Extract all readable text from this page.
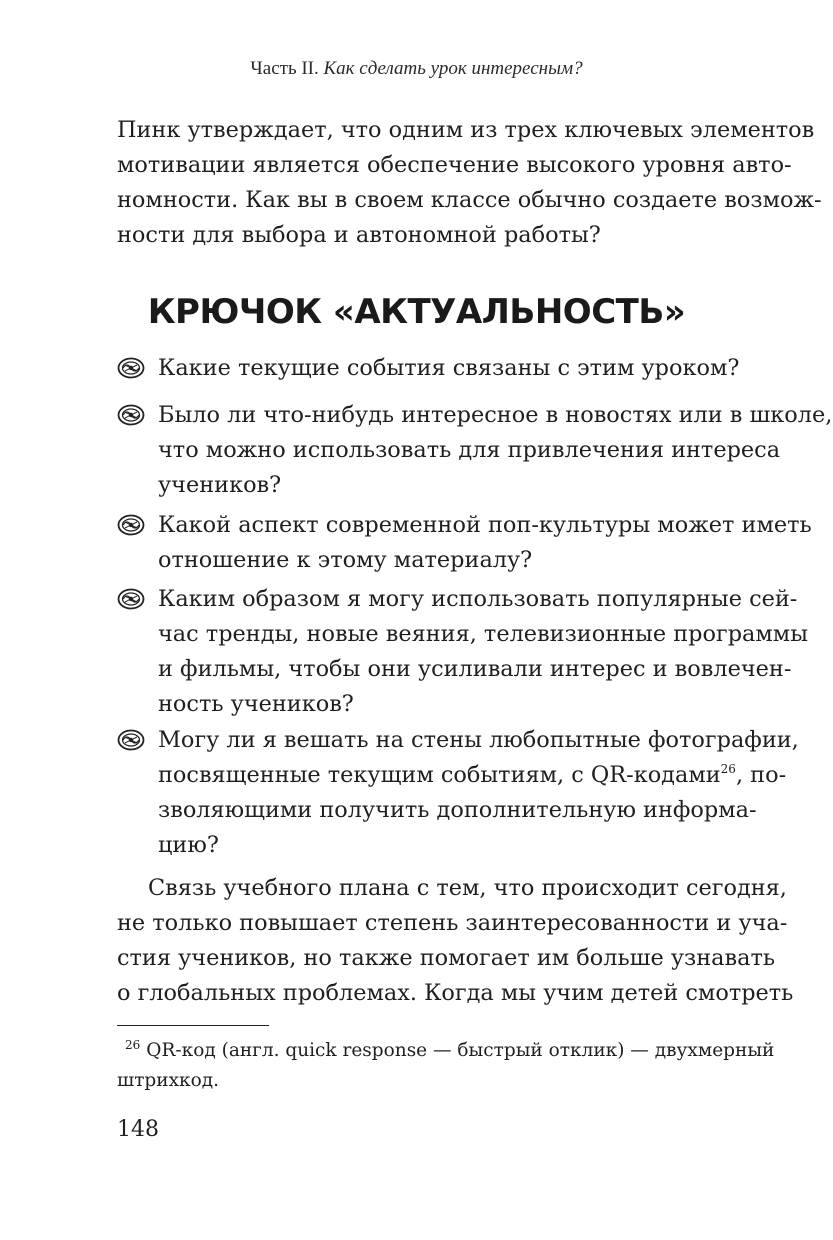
Часть II. Как сделать урок интересным?
Пинк утверждает, что одним из трех ключевых элементов
мотивации является обеспечение высокого уровня авто-
номности. Как вы в своем классе обычно создаете возмож-
ности для выбора и автономной работы?
КРЮЧОК «АКТУАЛЬНОСТЬ»
Какие текущие события связаны с этим уроком?
Было ли что-нибудь интересное в новостях или в школе,
что можно использовать для привлечения интереса
учеников?
Какой аспект современной поп-культуры может иметь
отношение к этому материалу?
Каким образом я могу использовать популярные сей-
час тренды, новые веяния, телевизионные программы
и фильмы, чтобы они усиливали интерес и вовлечен-
ность учеников?
Могу ли я вешать на стены любопытные фотографии,
посвященные текущим событиям, с QR-кодами$^{26}$, по-
зволяющими получить дополнительную информа-
цию?
Связь учебного плана с тем, что происходит сегодня,
не только повышает степень заинтересованности и уча-
стия учеников, но также помогает им больше узнавать
о глобальных проблемах. Когда мы учим детей смотреть
$^{26}$ QR-код (англ. quick response — быстрый отклик) — двухмерный
штрихкод.
148
